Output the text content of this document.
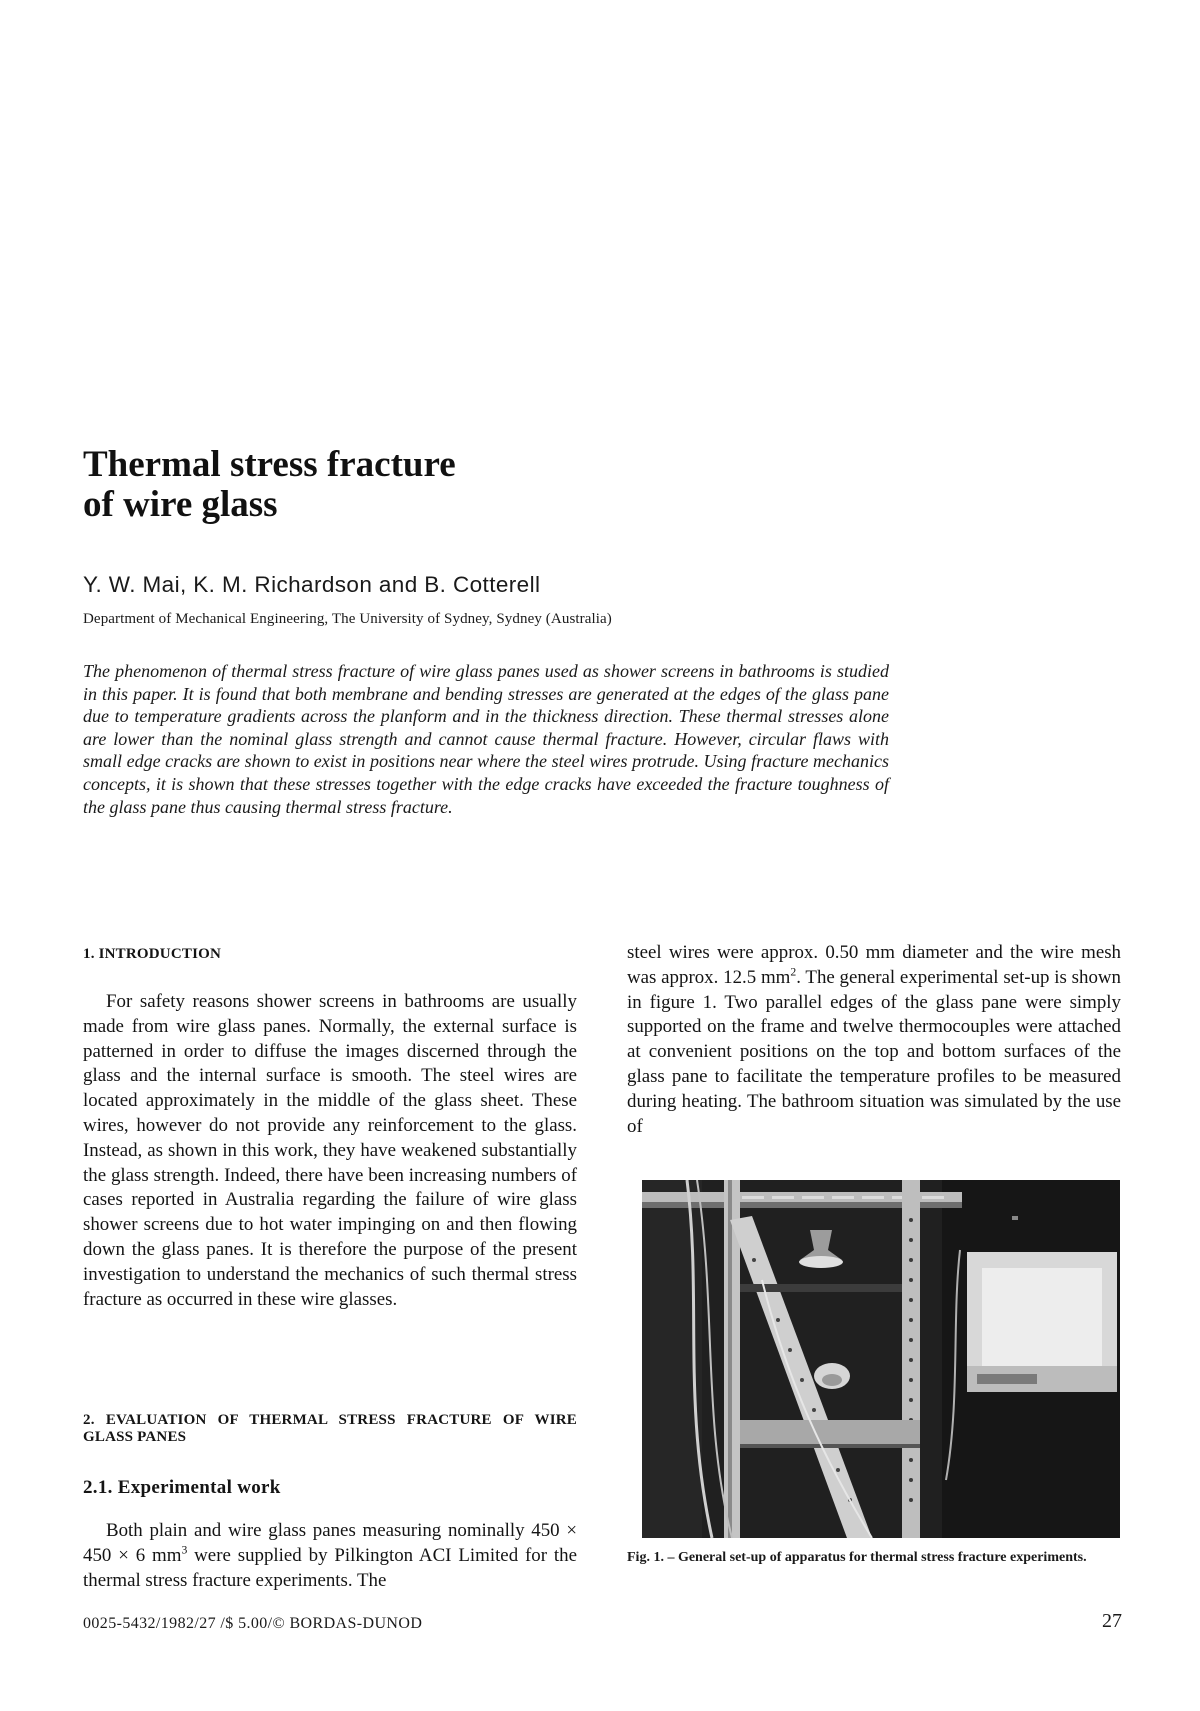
Thermal stress fracture
of wire glass
Y. W. Mai, K. M. Richardson and B. Cotterell
Department of Mechanical Engineering, The University of Sydney, Sydney (Australia)

The phenomenon of thermal stress fracture of wire glass panes used as shower screens in bathrooms is studied in this paper. It is found that both membrane and bending stresses are generated at the edges of the glass pane due to temperature gradients across the planform and in the thickness direction. These thermal stresses alone are lower than the nominal glass strength and cannot cause thermal fracture. However, circular flaws with small edge cracks are shown to exist in positions near where the steel wires protrude. Using fracture mechanics concepts, it is shown that these stresses together with the edge cracks have exceeded the fracture toughness of the glass pane thus causing thermal stress fracture.

1. INTRODUCTION

For safety reasons shower screens in bathrooms are usually made from wire glass panes. Normally, the external surface is patterned in order to diffuse the images discerned through the glass and the internal surface is smooth. The steel wires are located approximately in the middle of the glass sheet. These wires, however do not provide any reinforcement to the glass. Instead, as shown in this work, they have weakened substantially the glass strength. Indeed, there have been increasing numbers of cases reported in Australia regarding the failure of wire glass shower screens due to hot water impinging on and then flowing down the glass panes. It is therefore the purpose of the present investigation to understand the mechanics of such thermal stress fracture as occurred in these wire glasses.

2. EVALUATION OF THERMAL STRESS FRACTURE OF WIRE GLASS PANES
2.1. Experimental work

Both plain and wire glass panes measuring nominally 450 × 450 × 6 $mm^3$ were supplied by Pilkington ACI Limited for the thermal stress fracture experiments. The

steel wires were approx. 0.50 mm diameter and the wire mesh was approx. 12.5 $mm^2$. The general experimental set-up is shown in figure 1. Two parallel edges of the glass pane were simply supported on the frame and twelve thermocouples were attached at convenient positions on the top and bottom surfaces of the glass pane to facilitate the temperature profiles to be measured during heating. The bathroom situation was simulated by the use of

Fig. 1. – General set-up of apparatus for thermal stress fracture experiments.
0025-5432/1982/27 /$ 5.00/© BORDAS-DUNOD	27
